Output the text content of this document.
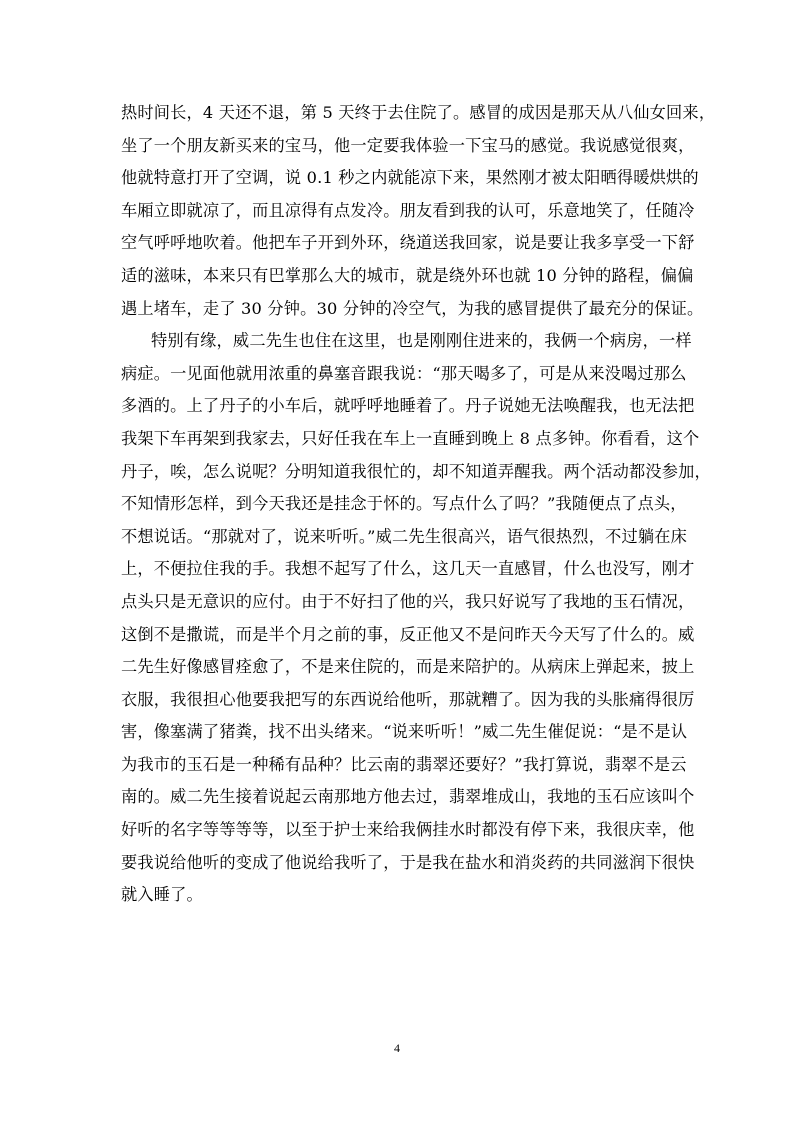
热时间长，4 天还不退，第 5 天终于去住院了。感冒的成因是那天从八仙女回来，
坐了一个朋友新买来的宝马，他一定要我体验一下宝马的感觉。我说感觉很爽，
他就特意打开了空调，说 0.1 秒之内就能凉下来，果然刚才被太阳晒得暖烘烘的
车厢立即就凉了，而且凉得有点发冷。朋友看到我的认可，乐意地笑了，任随冷
空气呼呼地吹着。他把车子开到外环，绕道送我回家，说是要让我多享受一下舒
适的滋味，本来只有巴掌那么大的城市，就是绕外环也就 10 分钟的路程，偏偏
遇上堵车，走了 30 分钟。30 分钟的冷空气，为我的感冒提供了最充分的保证。
特别有缘，威二先生也住在这里，也是刚刚住进来的，我俩一个病房，一样
病症。一见面他就用浓重的鼻塞音跟我说：“那天喝多了，可是从来没喝过那么
多酒的。上了丹子的小车后，就呼呼地睡着了。丹子说她无法唤醒我，也无法把
我架下车再架到我家去，只好任我在车上一直睡到晚上 8 点多钟。你看看，这个
丹子，唉，怎么说呢？分明知道我很忙的，却不知道弄醒我。两个活动都没参加，
不知情形怎样，到今天我还是挂念于怀的。写点什么了吗？”我随便点了点头，
不想说话。“那就对了，说来听听。”威二先生很高兴，语气很热烈，不过躺在床
上，不便拉住我的手。我想不起写了什么，这几天一直感冒，什么也没写，刚才
点头只是无意识的应付。由于不好扫了他的兴，我只好说写了我地的玉石情况，
这倒不是撒谎，而是半个月之前的事，反正他又不是问昨天今天写了什么的。威
二先生好像感冒痊愈了，不是来住院的，而是来陪护的。从病床上弹起来，披上
衣服，我很担心他要我把写的东西说给他听，那就糟了。因为我的头胀痛得很厉
害，像塞满了猪粪，找不出头绪来。“说来听听！”威二先生催促说：“是不是认
为我市的玉石是一种稀有品种？比云南的翡翠还要好？”我打算说，翡翠不是云
南的。威二先生接着说起云南那地方他去过，翡翠堆成山，我地的玉石应该叫个
好听的名字等等等等，以至于护士来给我俩挂水时都没有停下来，我很庆幸，他
要我说给他听的变成了他说给我听了，于是我在盐水和消炎药的共同滋润下很快
就入睡了。
4
